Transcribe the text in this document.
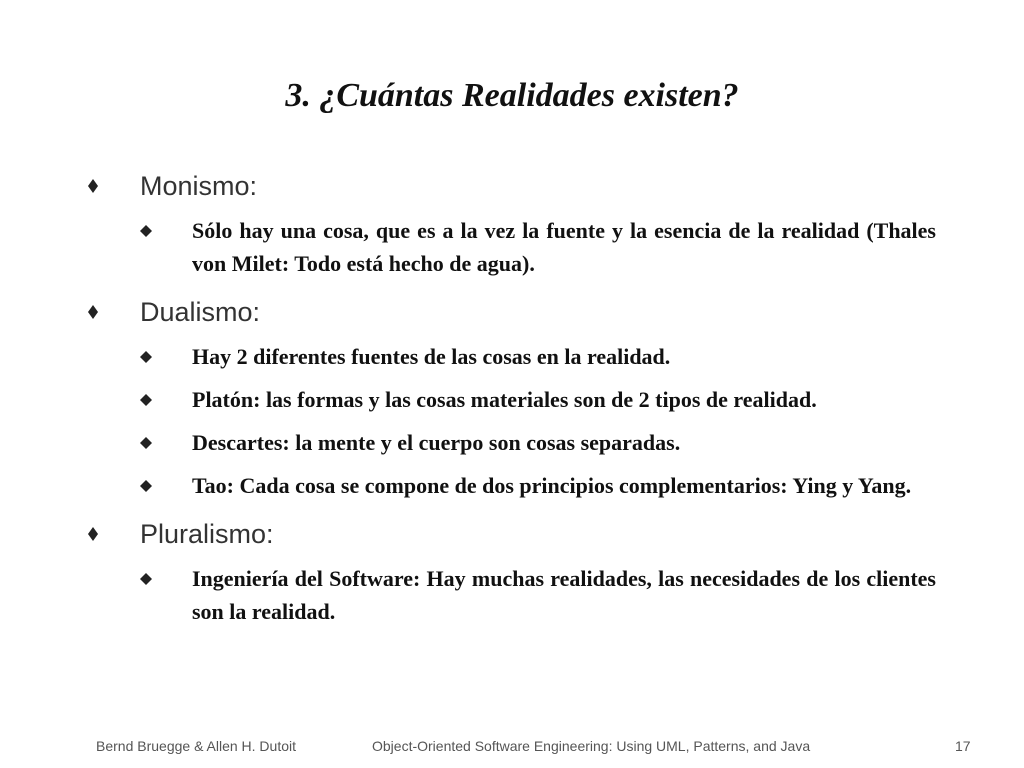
3. ¿Cuántas Realidades existen?
Monismo:
Sólo hay una cosa, que es a la vez la fuente y la esencia de la realidad (Thales von Milet: Todo está hecho de agua).
Dualismo:
Hay 2 diferentes fuentes de las cosas en la realidad.
Platón: las formas y las cosas materiales son de 2 tipos de realidad.
Descartes: la mente y el cuerpo son cosas separadas.
Tao: Cada cosa se compone de dos principios complementarios: Ying y Yang.
Pluralismo:
Ingeniería del Software: Hay muchas realidades, las necesidades de los clientes son la realidad.
Bernd Bruegge & Allen H. Dutoit	Object-Oriented Software Engineering: Using UML, Patterns, and Java	17
